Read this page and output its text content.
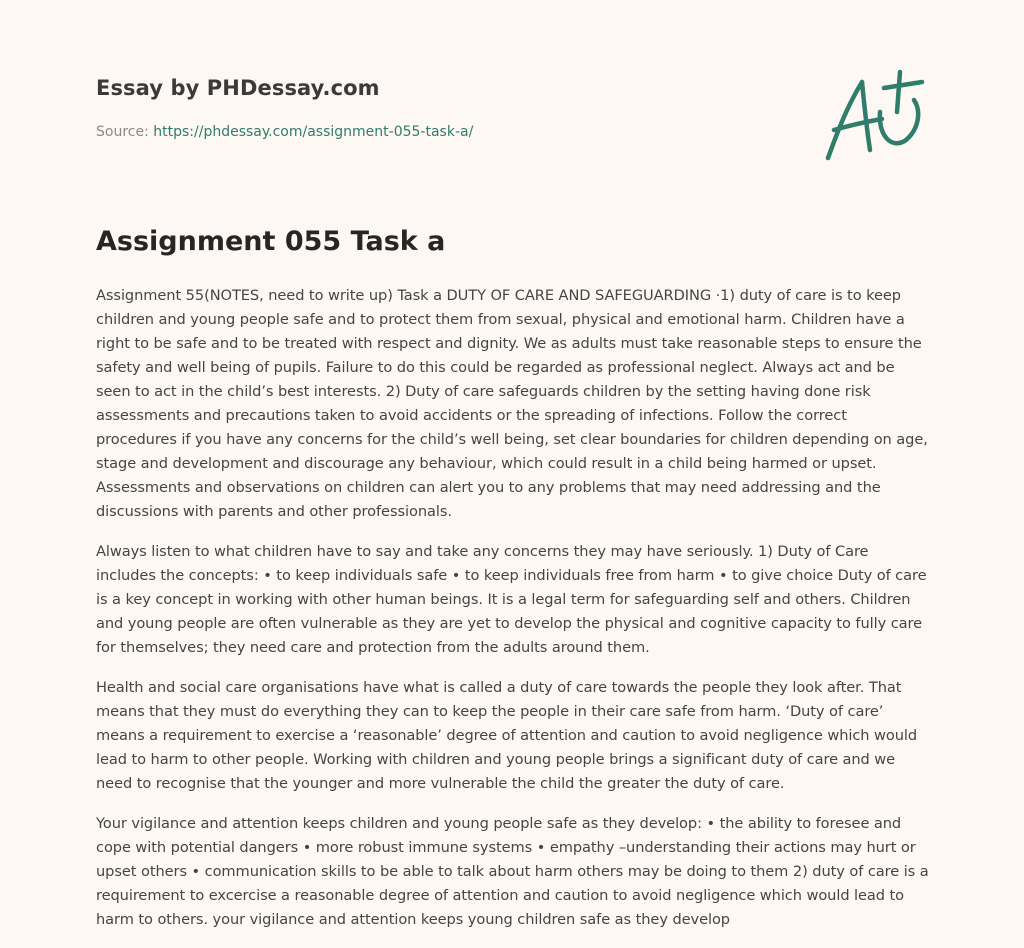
Essay by PHDessay.com
Source: https://phdessay.com/assignment-055-task-a/
Assignment 055 Task a

Assignment 55(NOTES, need to write up) Task a DUTY OF CARE AND SAFEGUARDING ·1) duty of care is to keep children and young people safe and to protect them from sexual, physical and emotional harm. Children have a right to be safe and to be treated with respect and dignity. We as adults must take reasonable steps to ensure the safety and well being of pupils. Failure to do this could be regarded as professional neglect. Always act and be seen to act in the child’s best interests. 2) Duty of care safeguards children by the setting having done risk assessments and precautions taken to avoid accidents or the spreading of infections. Follow the correct procedures if you have any concerns for the child’s well being, set clear boundaries for children depending on age, stage and development and discourage any behaviour, which could result in a child being harmed or upset. Assessments and observations on children can alert you to any problems that may need addressing and the discussions with parents and other professionals.

Always listen to what children have to say and take any concerns they may have seriously. 1) Duty of Care includes the concepts: • to keep individuals safe • to keep individuals free from harm • to give choice Duty of care is a key concept in working with other human beings. It is a legal term for safeguarding self and others. Children and young people are often vulnerable as they are yet to develop the physical and cognitive capacity to fully care for themselves; they need care and protection from the adults around them.

Health and social care organisations have what is called a duty of care towards the people they look after. That means that they must do everything they can to keep the people in their care safe from harm. ‘Duty of care’ means a requirement to exercise a ‘reasonable’ degree of attention and caution to avoid negligence which would lead to harm to other people. Working with children and young people brings a significant duty of care and we need to recognise that the younger and more vulnerable the child the greater the duty of care.

Your vigilance and attention keeps children and young people safe as they develop: • the ability to foresee and cope with potential dangers • more robust immune systems • empathy –understanding their actions may hurt or upset others • communication skills to be able to talk about harm others may be doing to them 2) duty of care is a requirement to excercise a reasonable degree of attention and caution to avoid negligence which would lead to harm to others. your vigilance and attention keeps young children safe as they develop
